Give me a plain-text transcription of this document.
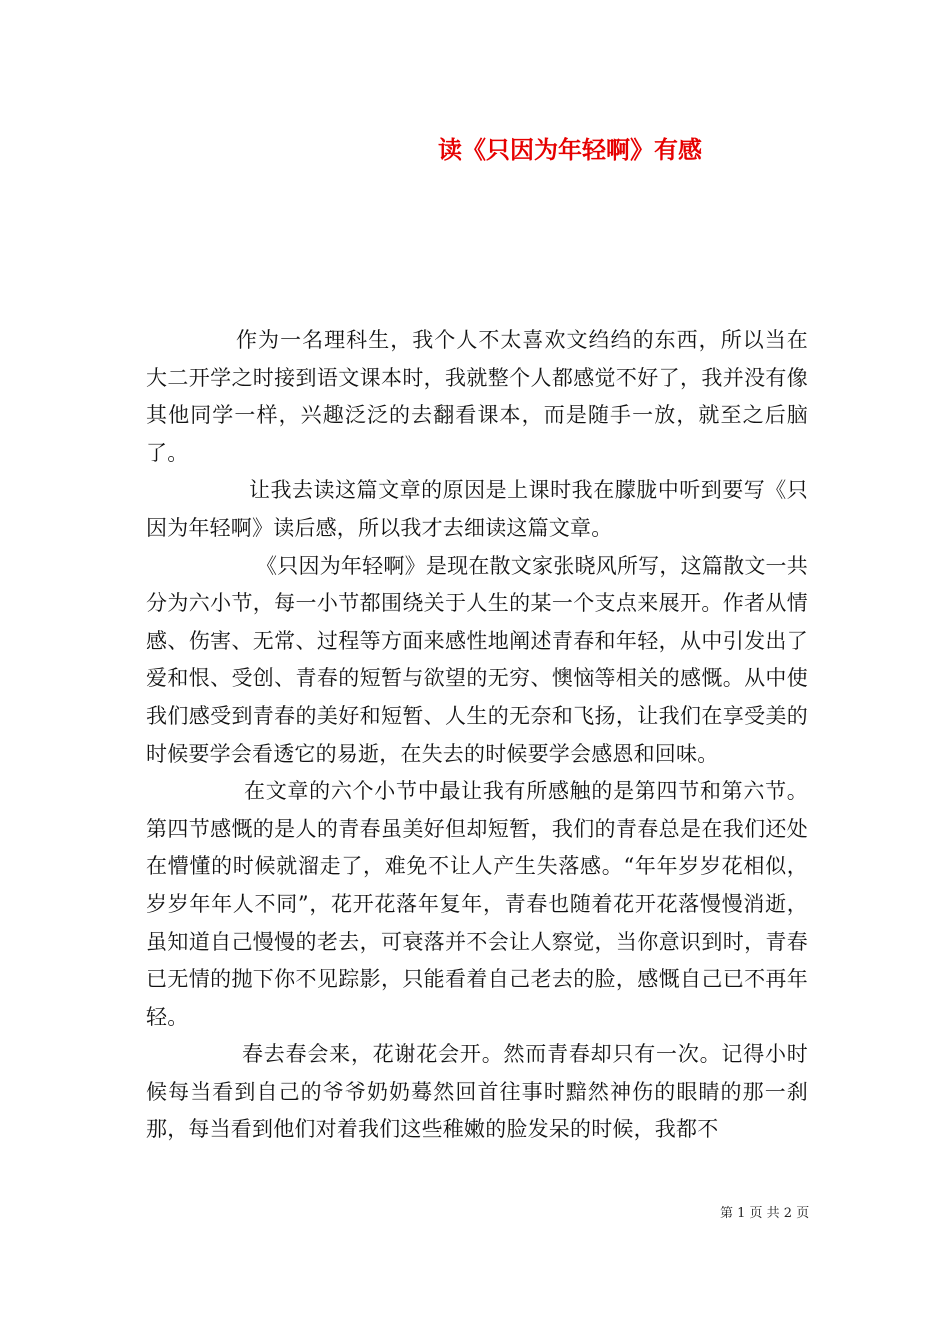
读《只因为年轻啊》有感

作为一名理科生，我个人不太喜欢文绉绉的东西，所以当在大二开学之时接到语文课本时，我就整个人都感觉不好了，我并没有像其他同学一样，兴趣泛泛的去翻看课本，而是随手一放，就至之后脑了。

让我去读这篇文章的原因是上课时我在朦胧中听到要写《只因为年轻啊》读后感，所以我才去细读这篇文章。

《只因为年轻啊》是现在散文家张晓风所写，这篇散文一共分为六小节，每一小节都围绕关于人生的某一个支点来展开。作者从情感、伤害、无常、过程等方面来感性地阐述青春和年轻，从中引发出了爱和恨、受创、青春的短暂与欲望的无穷、懊恼等相关的感慨。从中使我们感受到青春的美好和短暂、人生的无奈和飞扬，让我们在享受美的时候要学会看透它的易逝，在失去的时候要学会感恩和回味。

在文章的六个小节中最让我有所感触的是第四节和第六节。第四节感慨的是人的青春虽美好但却短暂，我们的青春总是在我们还处在懵懂的时候就溜走了，难免不让人产生失落感。“年年岁岁花相似，岁岁年年人不同”，花开花落年复年，青春也随着花开花落慢慢消逝，虽知道自己慢慢的老去，可衰落并不会让人察觉，当你意识到时，青春已无情的抛下你不见踪影，只能看着自己老去的脸，感慨自己已不再年轻。

春去春会来，花谢花会开。然而青春却只有一次。记得小时候每当看到自己的爷爷奶奶蓦然回首往事时黯然神伤的眼睛的那一刹那，每当看到他们对着我们这些稚嫩的脸发呆的时候，我都不

第 1 页 共 2 页
